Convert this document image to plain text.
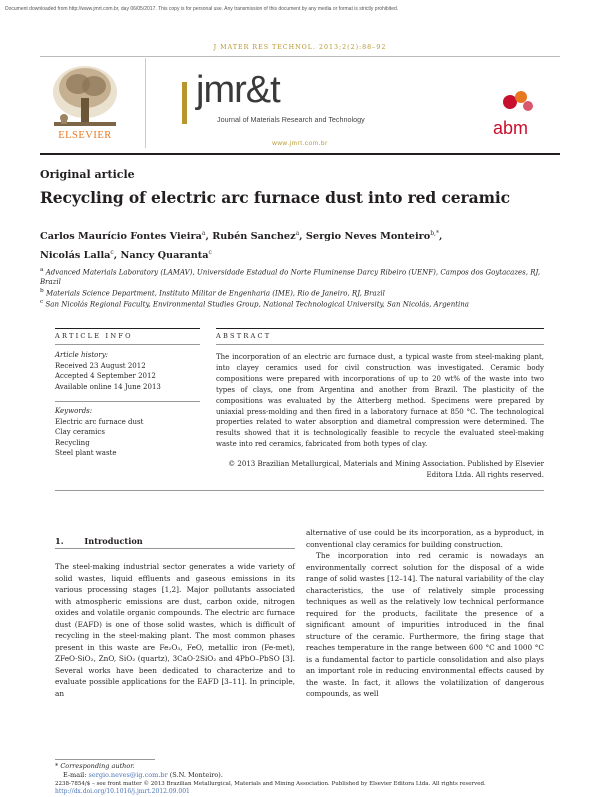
Document downloaded from http://www.jmrt.com.br, day 06/05/2017. This copy is for personal use. Any transmission of this document by any media or format is strictly prohibited.
J MATER RES TECHNOL. 2013;2(2):88–92
ELSEVIER
jmr&t
Journal of Materials Research and Technology
www.jmrt.com.br
abm
Original article
Recycling of electric arc furnace dust into red ceramic
Carlos Maurício Fontes Vieira$^a$, Rubén Sanchez$^a$, Sergio Neves Monteiro$^{b,*}$,
Nicolás Lalla$^c$, Nancy Quaranta$^c$
$^a$ Advanced Materials Laboratory (LAMAV), Universidade Estadual do Norte Fluminense Darcy Ribeiro (UENF), Campos dos Goytacazes, RJ, Brazil
$^b$ Materials Science Department, Instituto Militar de Engenharia (IME), Rio de Janeiro, RJ, Brazil
$^c$ San Nicolás Regional Faculty, Environmental Studies Group, National Technological University, San Nicolás, Argentina
ARTICLE INFO
Article history:
Received 23 August 2012
Accepted 4 September 2012
Available online 14 June 2013
Keywords:
Electric arc furnace dust
Clay ceramics
Recycling
Steel plant waste
ABSTRACT
The incorporation of an electric arc furnace dust, a typical waste from steel-making plant, into clayey ceramics used for civil construction was investigated. Ceramic body compositions were prepared with incorporations of up to 20 wt% of the waste into two types of clays, one from Argentina and another from Brazil. The plasticity of the compositions was evaluated by the Atterberg method. Specimens were prepared by uniaxial press-molding and then fired in a laboratory furnace at 850 °C. The technological properties related to water absorption and diametral compression were determined. The results showed that it is technologically feasible to recycle the evaluated steel-making waste into red ceramics, fabricated from both types of clay.
© 2013 Brazilian Metallurgical, Materials and Mining Association. Published by Elsevier Editora Ltda. All rights reserved.
1.	Introduction

The steel-making industrial sector generates a wide variety of solid wastes, liquid effluents and gaseous emissions in its various processing stages [1,2]. Major pollutants associated with atmospheric emissions are dust, carbon oxide, nitrogen oxides and volatile organic compounds. The electric arc furnace dust (EAFD) is one of those solid wastes, which is difficult of recycling in the steel-making plant. The most common phases present in this waste are Fe₂O₃, FeO, metallic iron (Fe-met), ZFeO·SiO₂, ZnO, SiO₂ (quartz), 3CaO·2SiO₂ and 4PbO–PbSO [3]. Several works have been dedicated to characterize and to evaluate possible applications for the EAFD [3–11]. In principle, an

alternative of use could be its incorporation, as a byproduct, in conventional clay ceramics for building construction.

The incorporation into red ceramic is nowadays an environmentally correct solution for the disposal of a wide range of solid wastes [12–14]. The natural variability of the clay characteristics, the use of relatively simple processing techniques as well as the relatively low technical performance required for the products, facilitate the presence of a significant amount of impurities introduced in the final structure of the ceramic. Furthermore, the firing stage that reaches temperature in the range between 600 °C and 1000 °C is a fundamental factor to particle consolidation and also plays an important role in reducing environmental effects caused by the waste. In fact, it allows the volatilization of dangerous compounds, as well

* Corresponding author.
E-mail: sergio.neves@ig.com.br (S.N. Monteiro).
2238-7854/$ – see front matter © 2013 Brazilian Metallurgical, Materials and Mining Association. Published by Elsevier Editora Ltda. All rights reserved.
http://dx.doi.org/10.1016/j.jmrt.2012.09.001
